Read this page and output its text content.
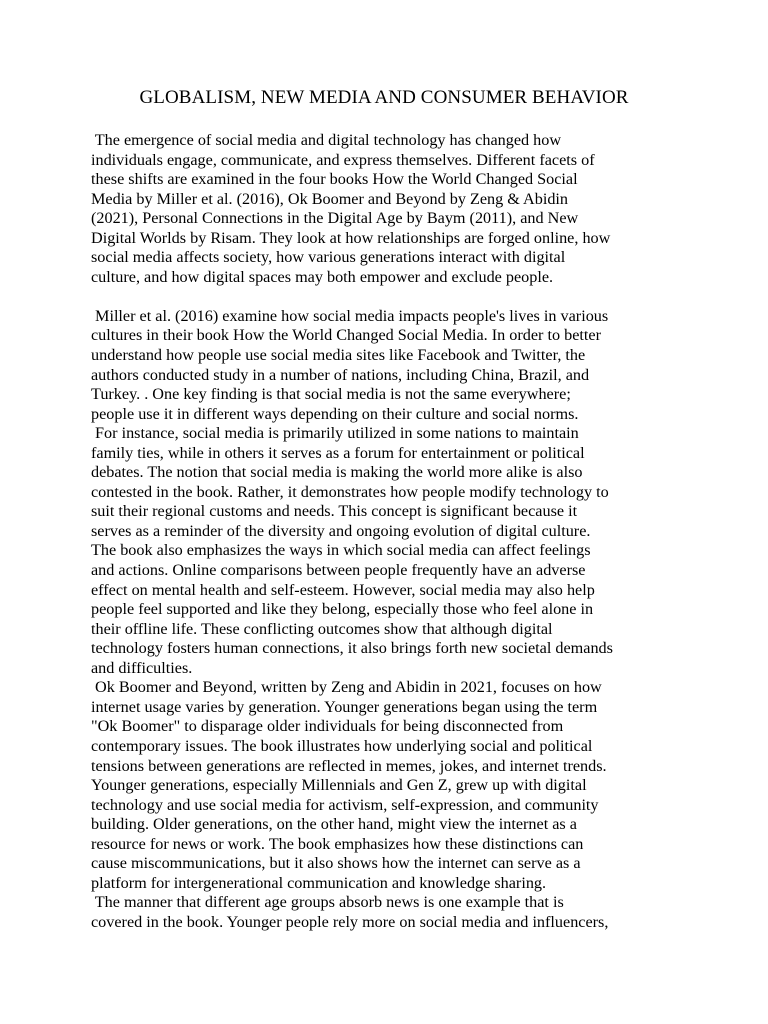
GLOBALISM, NEW MEDIA AND CONSUMER BEHAVIOR
The emergence of social media and digital technology has changed how
individuals engage, communicate, and express themselves. Different facets of
these shifts are examined in the four books How the World Changed Social
Media by Miller et al. (2016), Ok Boomer and Beyond by Zeng & Abidin
(2021), Personal Connections in the Digital Age by Baym (2011), and New
Digital Worlds by Risam. They look at how relationships are forged online, how
social media affects society, how various generations interact with digital
culture, and how digital spaces may both empower and exclude people.
Miller et al. (2016) examine how social media impacts people's lives in various
cultures in their book How the World Changed Social Media. In order to better
understand how people use social media sites like Facebook and Twitter, the
authors conducted study in a number of nations, including China, Brazil, and
Turkey. . One key finding is that social media is not the same everywhere;
people use it in different ways depending on their culture and social norms.
For instance, social media is primarily utilized in some nations to maintain
family ties, while in others it serves as a forum for entertainment or political
debates. The notion that social media is making the world more alike is also
contested in the book. Rather, it demonstrates how people modify technology to
suit their regional customs and needs. This concept is significant because it
serves as a reminder of the diversity and ongoing evolution of digital culture.
The book also emphasizes the ways in which social media can affect feelings
and actions. Online comparisons between people frequently have an adverse
effect on mental health and self-esteem. However, social media may also help
people feel supported and like they belong, especially those who feel alone in
their offline life. These conflicting outcomes show that although digital
technology fosters human connections, it also brings forth new societal demands
and difficulties.
Ok Boomer and Beyond, written by Zeng and Abidin in 2021, focuses on how
internet usage varies by generation. Younger generations began using the term
"Ok Boomer" to disparage older individuals for being disconnected from
contemporary issues. The book illustrates how underlying social and political
tensions between generations are reflected in memes, jokes, and internet trends.
Younger generations, especially Millennials and Gen Z, grew up with digital
technology and use social media for activism, self-expression, and community
building. Older generations, on the other hand, might view the internet as a
resource for news or work. The book emphasizes how these distinctions can
cause miscommunications, but it also shows how the internet can serve as a
platform for intergenerational communication and knowledge sharing.
The manner that different age groups absorb news is one example that is
covered in the book. Younger people rely more on social media and influencers,
